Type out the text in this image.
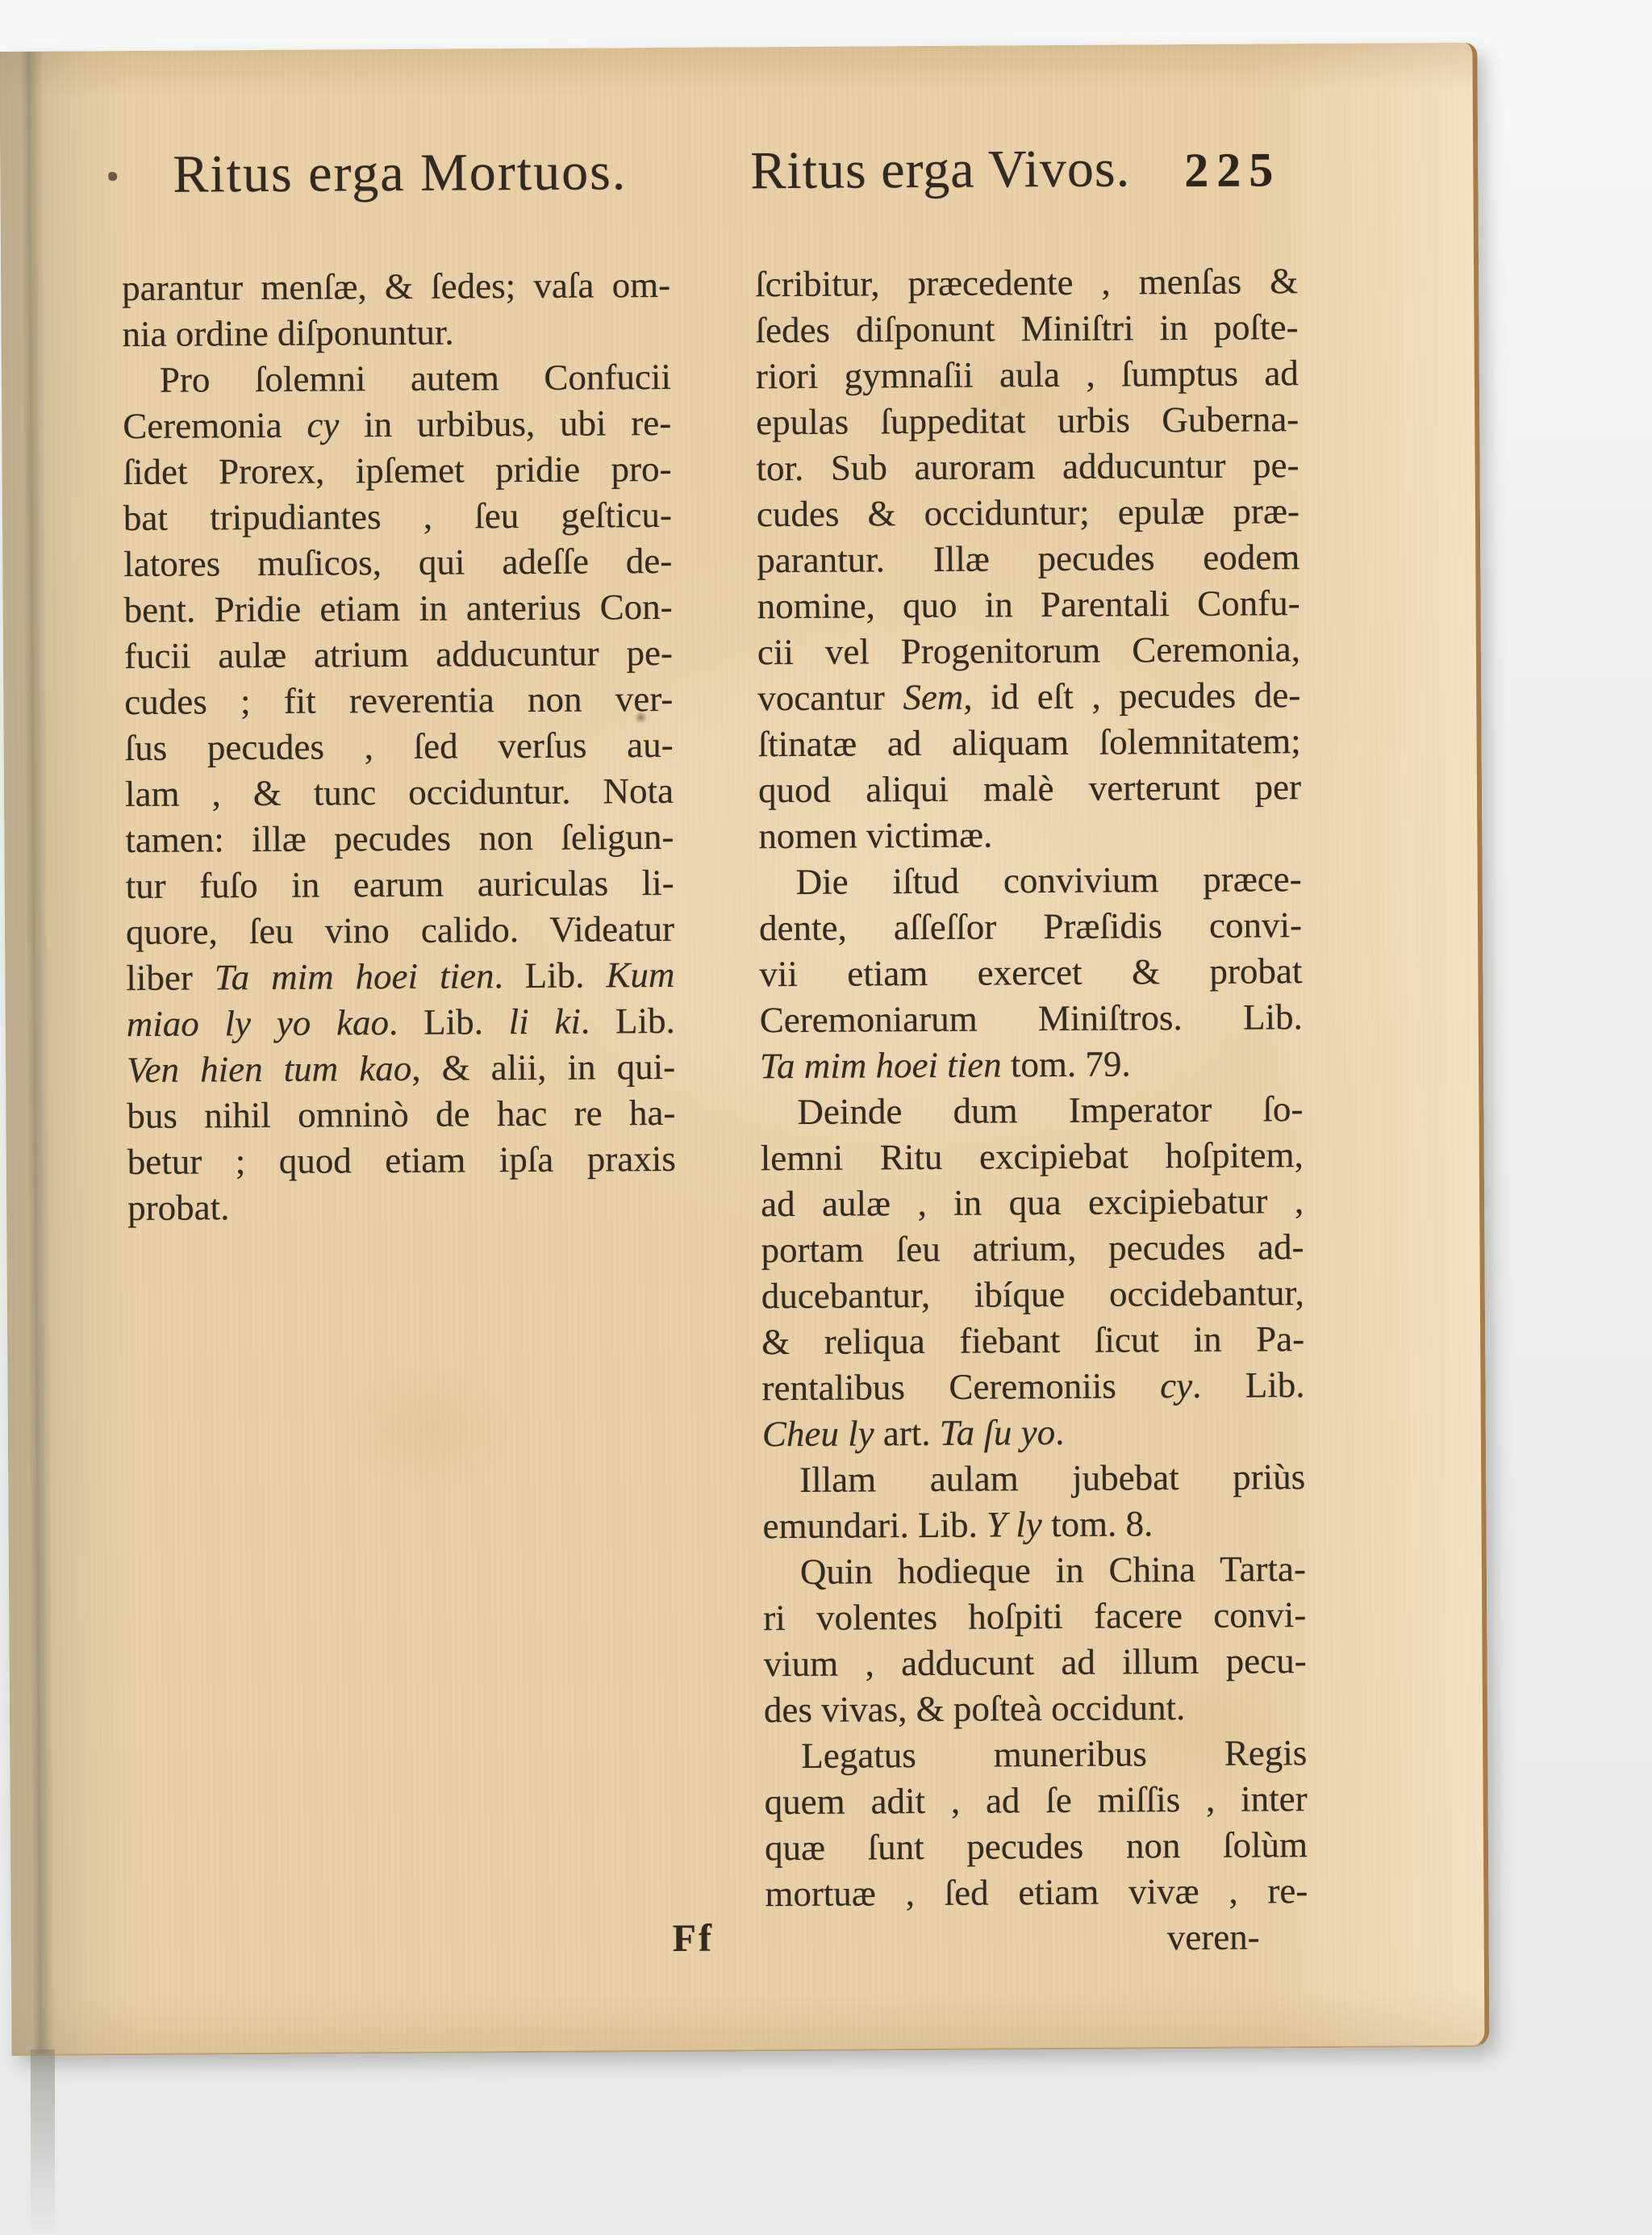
Ritus erga Mortuos. Ritus erga Vivos. 225
parantur menſæ, & ſedes; vaſa om-
nia ordine diſponuntur.
Pro ſolemni autem Confucii
Ceremonia cy in urbibus, ubi re-
ſidet Prorex, ipſemet pridie pro-
bat tripudiantes , ſeu geſticu-
latores muſicos, qui adeſſe de-
bent. Pridie etiam in anterius Con-
fucii aulæ atrium adducuntur pe-
cudes ; fit reverentia non ver-
ſus pecudes , ſed verſus au-
lam , & tunc occiduntur. Nota
tamen: illæ pecudes non ſeligun-
tur fuſo in earum auriculas li-
quore, ſeu vino calido. Videatur
liber Ta mim hoei tien. Lib. Kum
miao ly yo kao. Lib. li ki. Lib.
Ven hien tum kao, & alii, in qui-
bus nihil omninò de hac re ha-
betur ; quod etiam ipſa praxis
probat.
ſcribitur, præcedente , menſas &
ſedes diſponunt Miniſtri in poſte-
riori gymnaſii aula , ſumptus ad
epulas ſuppeditat urbis Guberna-
tor. Sub auroram adducuntur pe-
cudes & occiduntur; epulæ præ-
parantur. Illæ pecudes eodem
nomine, quo in Parentali Confu-
cii vel Progenitorum Ceremonia,
vocantur Sem, id eſt , pecudes de-
ſtinatæ ad aliquam ſolemnitatem;
quod aliqui malè verterunt per
nomen victimæ.
Die iſtud convivium præce-
dente, aſſeſſor Præſidis convi-
vii etiam exercet & probat
Ceremoniarum Miniſtros. Lib.
Ta mim hoei tien tom. 79.
Deinde dum Imperator ſo-
lemni Ritu excipiebat hoſpitem,
ad aulæ , in qua excipiebatur ,
portam ſeu atrium, pecudes ad-
ducebantur, ibíque occidebantur,
& reliqua fiebant ſicut in Pa-
rentalibus Ceremoniis cy. Lib.
Cheu ly art. Ta ſu yo.
Illam aulam jubebat priùs
emundari. Lib. Y ly tom. 8.
Quin hodieque in China Tarta-
ri volentes hoſpiti facere convi-
vium , adducunt ad illum pecu-
des vivas, & poſteà occidunt.
Legatus muneribus Regis
quem adit , ad ſe miſſis , inter
quæ ſunt pecudes non ſolùm
mortuæ , ſed etiam vivæ , re-
Ff	veren-
